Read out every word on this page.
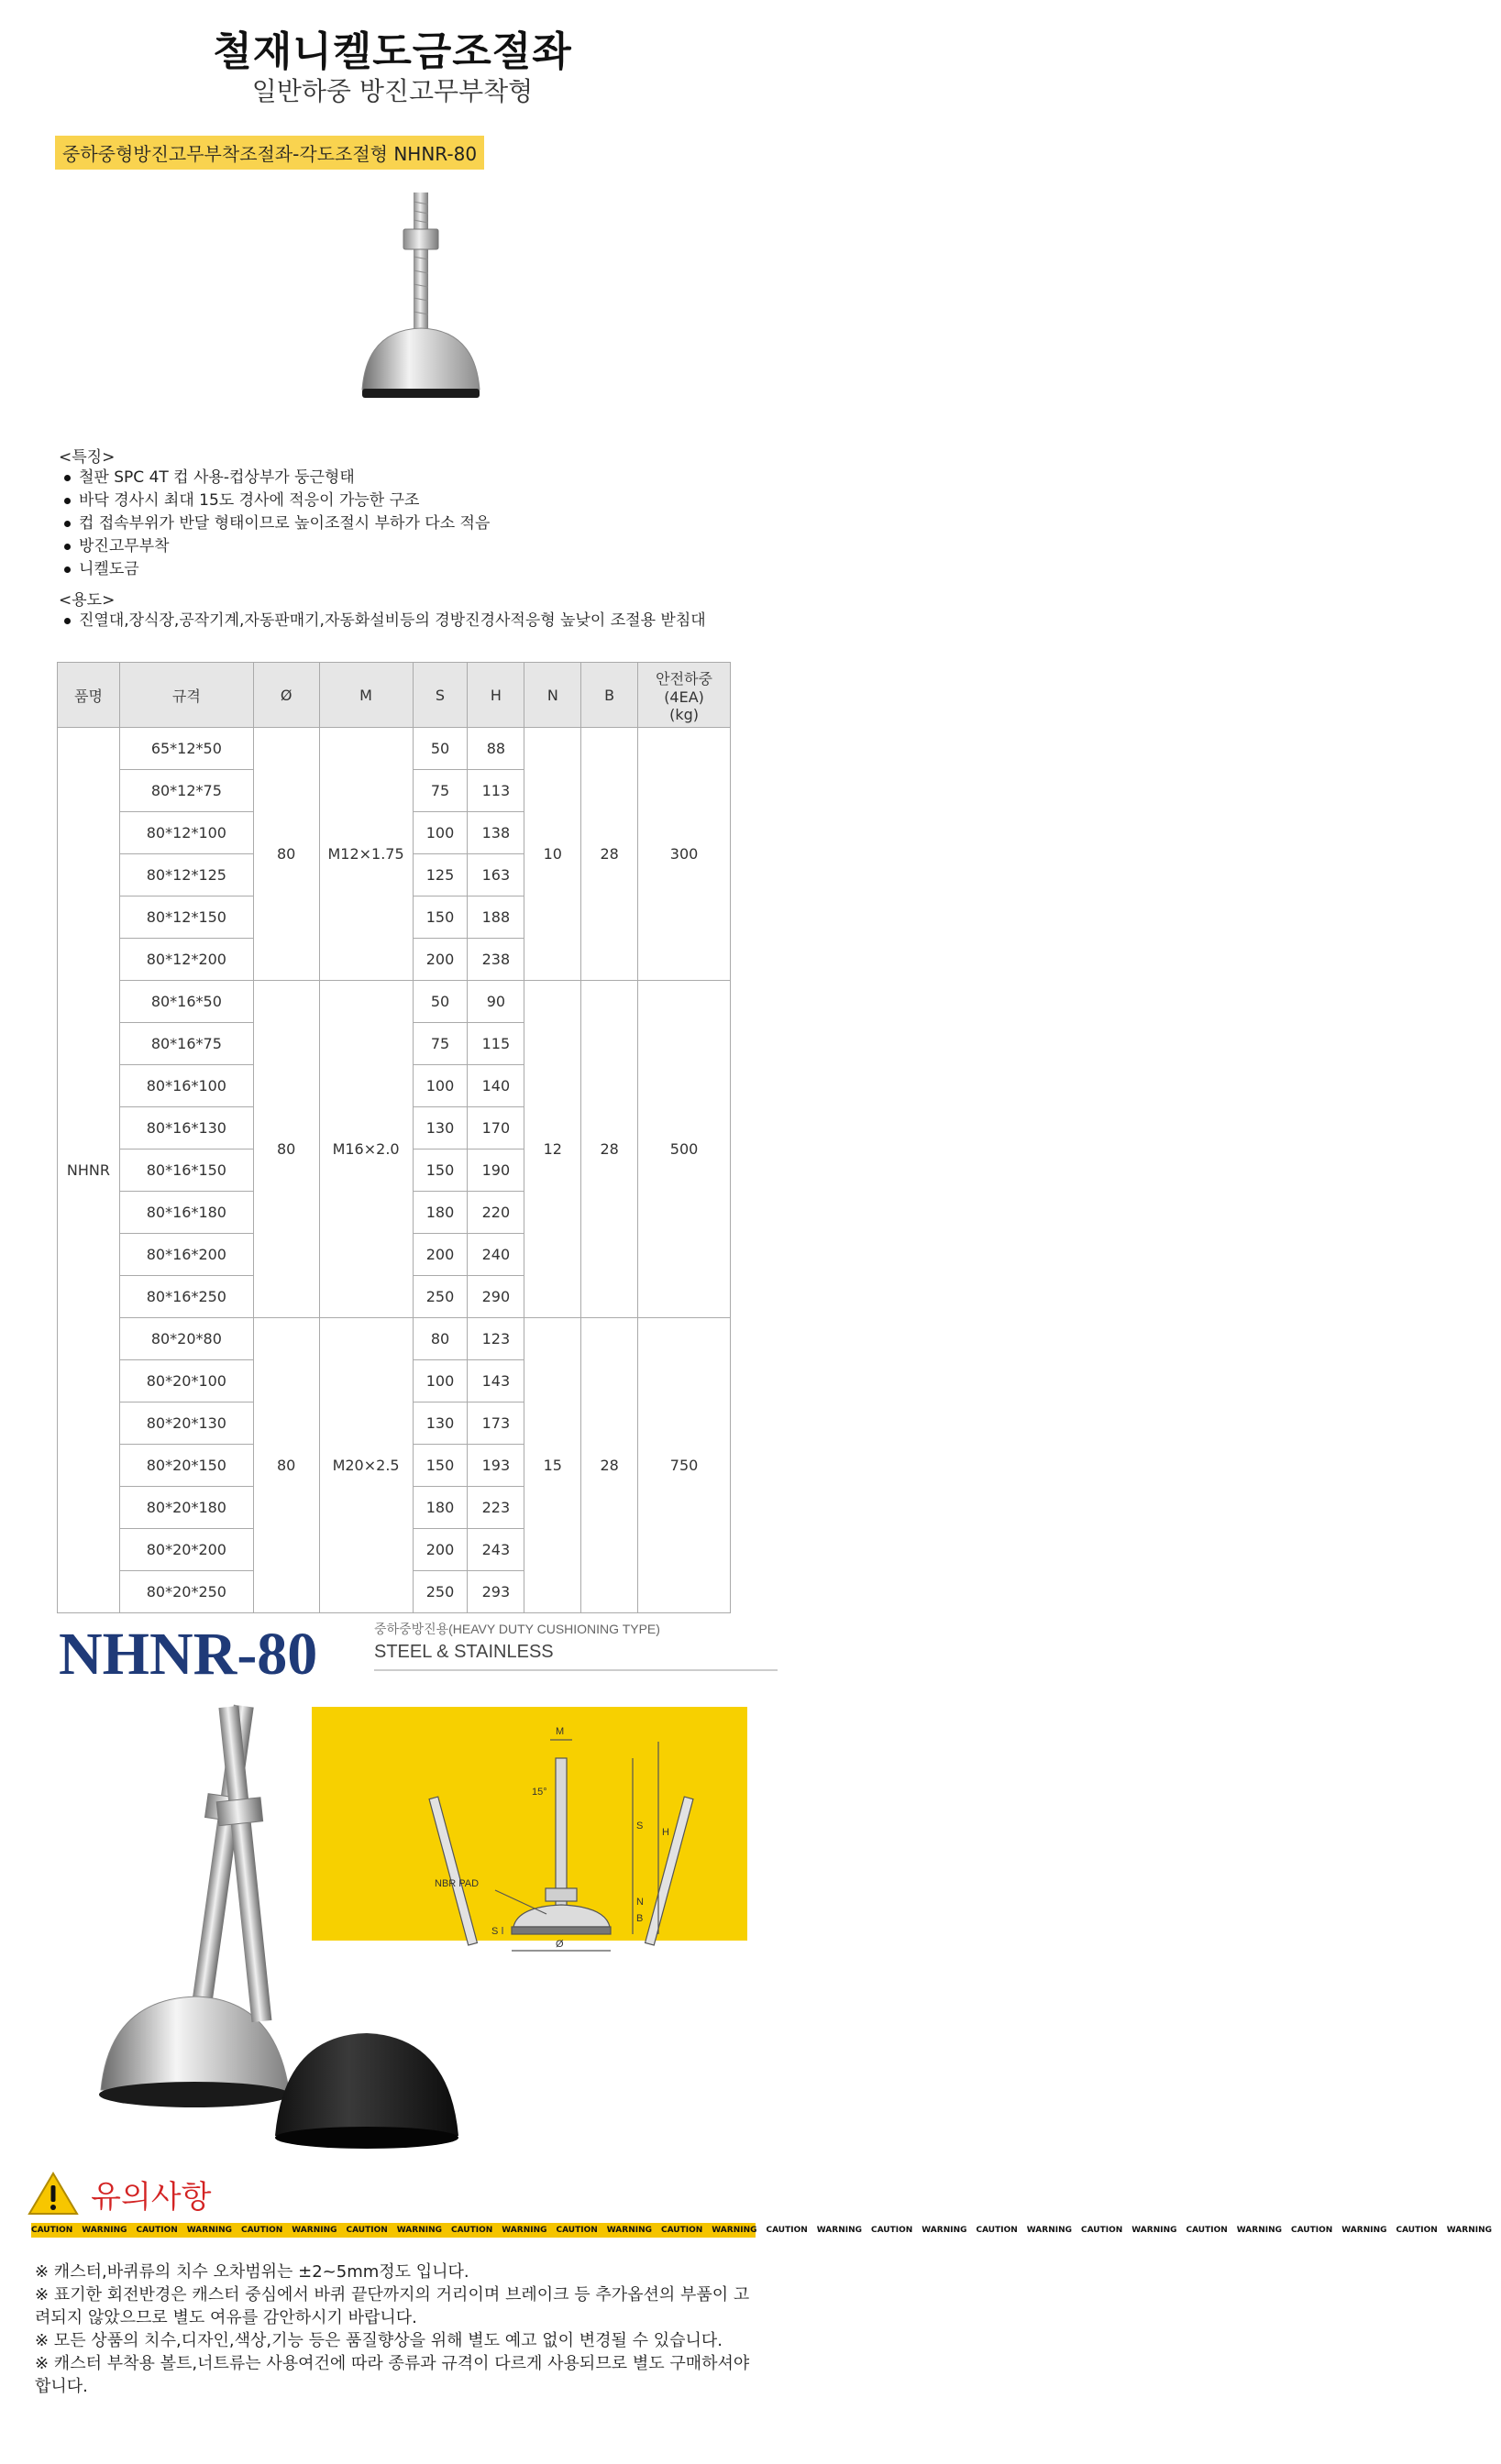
철재니켈도금조절좌
일반하중 방진고무부착형
중하중형방진고무부착조절좌-각도조절형 NHNR-80
<특징>
철판 SPC 4T 컵 사용-컵상부가 둥근형태
바닥 경사시 최대 15도 경사에 적응이 가능한 구조
컵 접속부위가 반달 형태이므로 높이조절시 부하가 다소 적음
방진고무부착
니켈도금
<용도>
진열대,장식장,공작기계,자동판매기,자동화설비등의 경방진경사적응형 높낮이 조절용 받침대
품명	규격	Ø	M	S	H	N	B	안전하중
(4EA)
(kg)
NHNR	65*12*50	80	M12×1.75	50	88	10	28	300
	80*12*75			75	113			
	80*12*100			100	138			
	80*12*125			125	163			
	80*12*150			150	188			
	80*12*200			200	238			
	80*16*50	80	M16×2.0	50	90	12	28	500
	80*16*75			75	115			
	80*16*100			100	140			
	80*16*130			130	170			
	80*16*150			150	190			
	80*16*180			180	220			
	80*16*200			200	240			
	80*16*250			250	290			
	80*20*80	80	M20×2.5	80	123	15	28	750
	80*20*100			100	143			
	80*20*130			130	173			
	80*20*150			150	193			
	80*20*180			180	223			
	80*20*200			200	243			
	80*20*250			250	293			
NHNR-80	중하중방진용(HEAVY DUTY CUSHIONING TYPE)
STEEL & STAINLESS
M
15°
S
H
N
B
NBR PAD
S
Ø
유의사항
CAUTION WARNING CAUTION WARNING CAUTION WARNING CAUTION WARNING CAUTION WARNING CAUTION WARNING CAUTION WARNING CAUTION WARNING CAUTION WARNING CAUTION WARNING CAUTION WARNING CAUTION WARNING CAUTION WARNING CAUTION WARNING

※ 캐스터,바퀴류의 치수 오차범위는 ±2~5mm정도 입니다.

※ 표기한 회전반경은 캐스터 중심에서 바퀴 끝단까지의 거리이며 브레이크 등 추가옵션의 부품이 고려되지 않았으므로 별도 여유를 감안하시기 바랍니다.

※ 모든 상품의 치수,디자인,색상,기능 등은 품질향상을 위해 별도 예고 없이 변경될 수 있습니다.

※ 캐스터 부착용 볼트,너트류는 사용여건에 따라 종류과 규격이 다르게 사용되므로 별도 구매하셔야 합니다.
